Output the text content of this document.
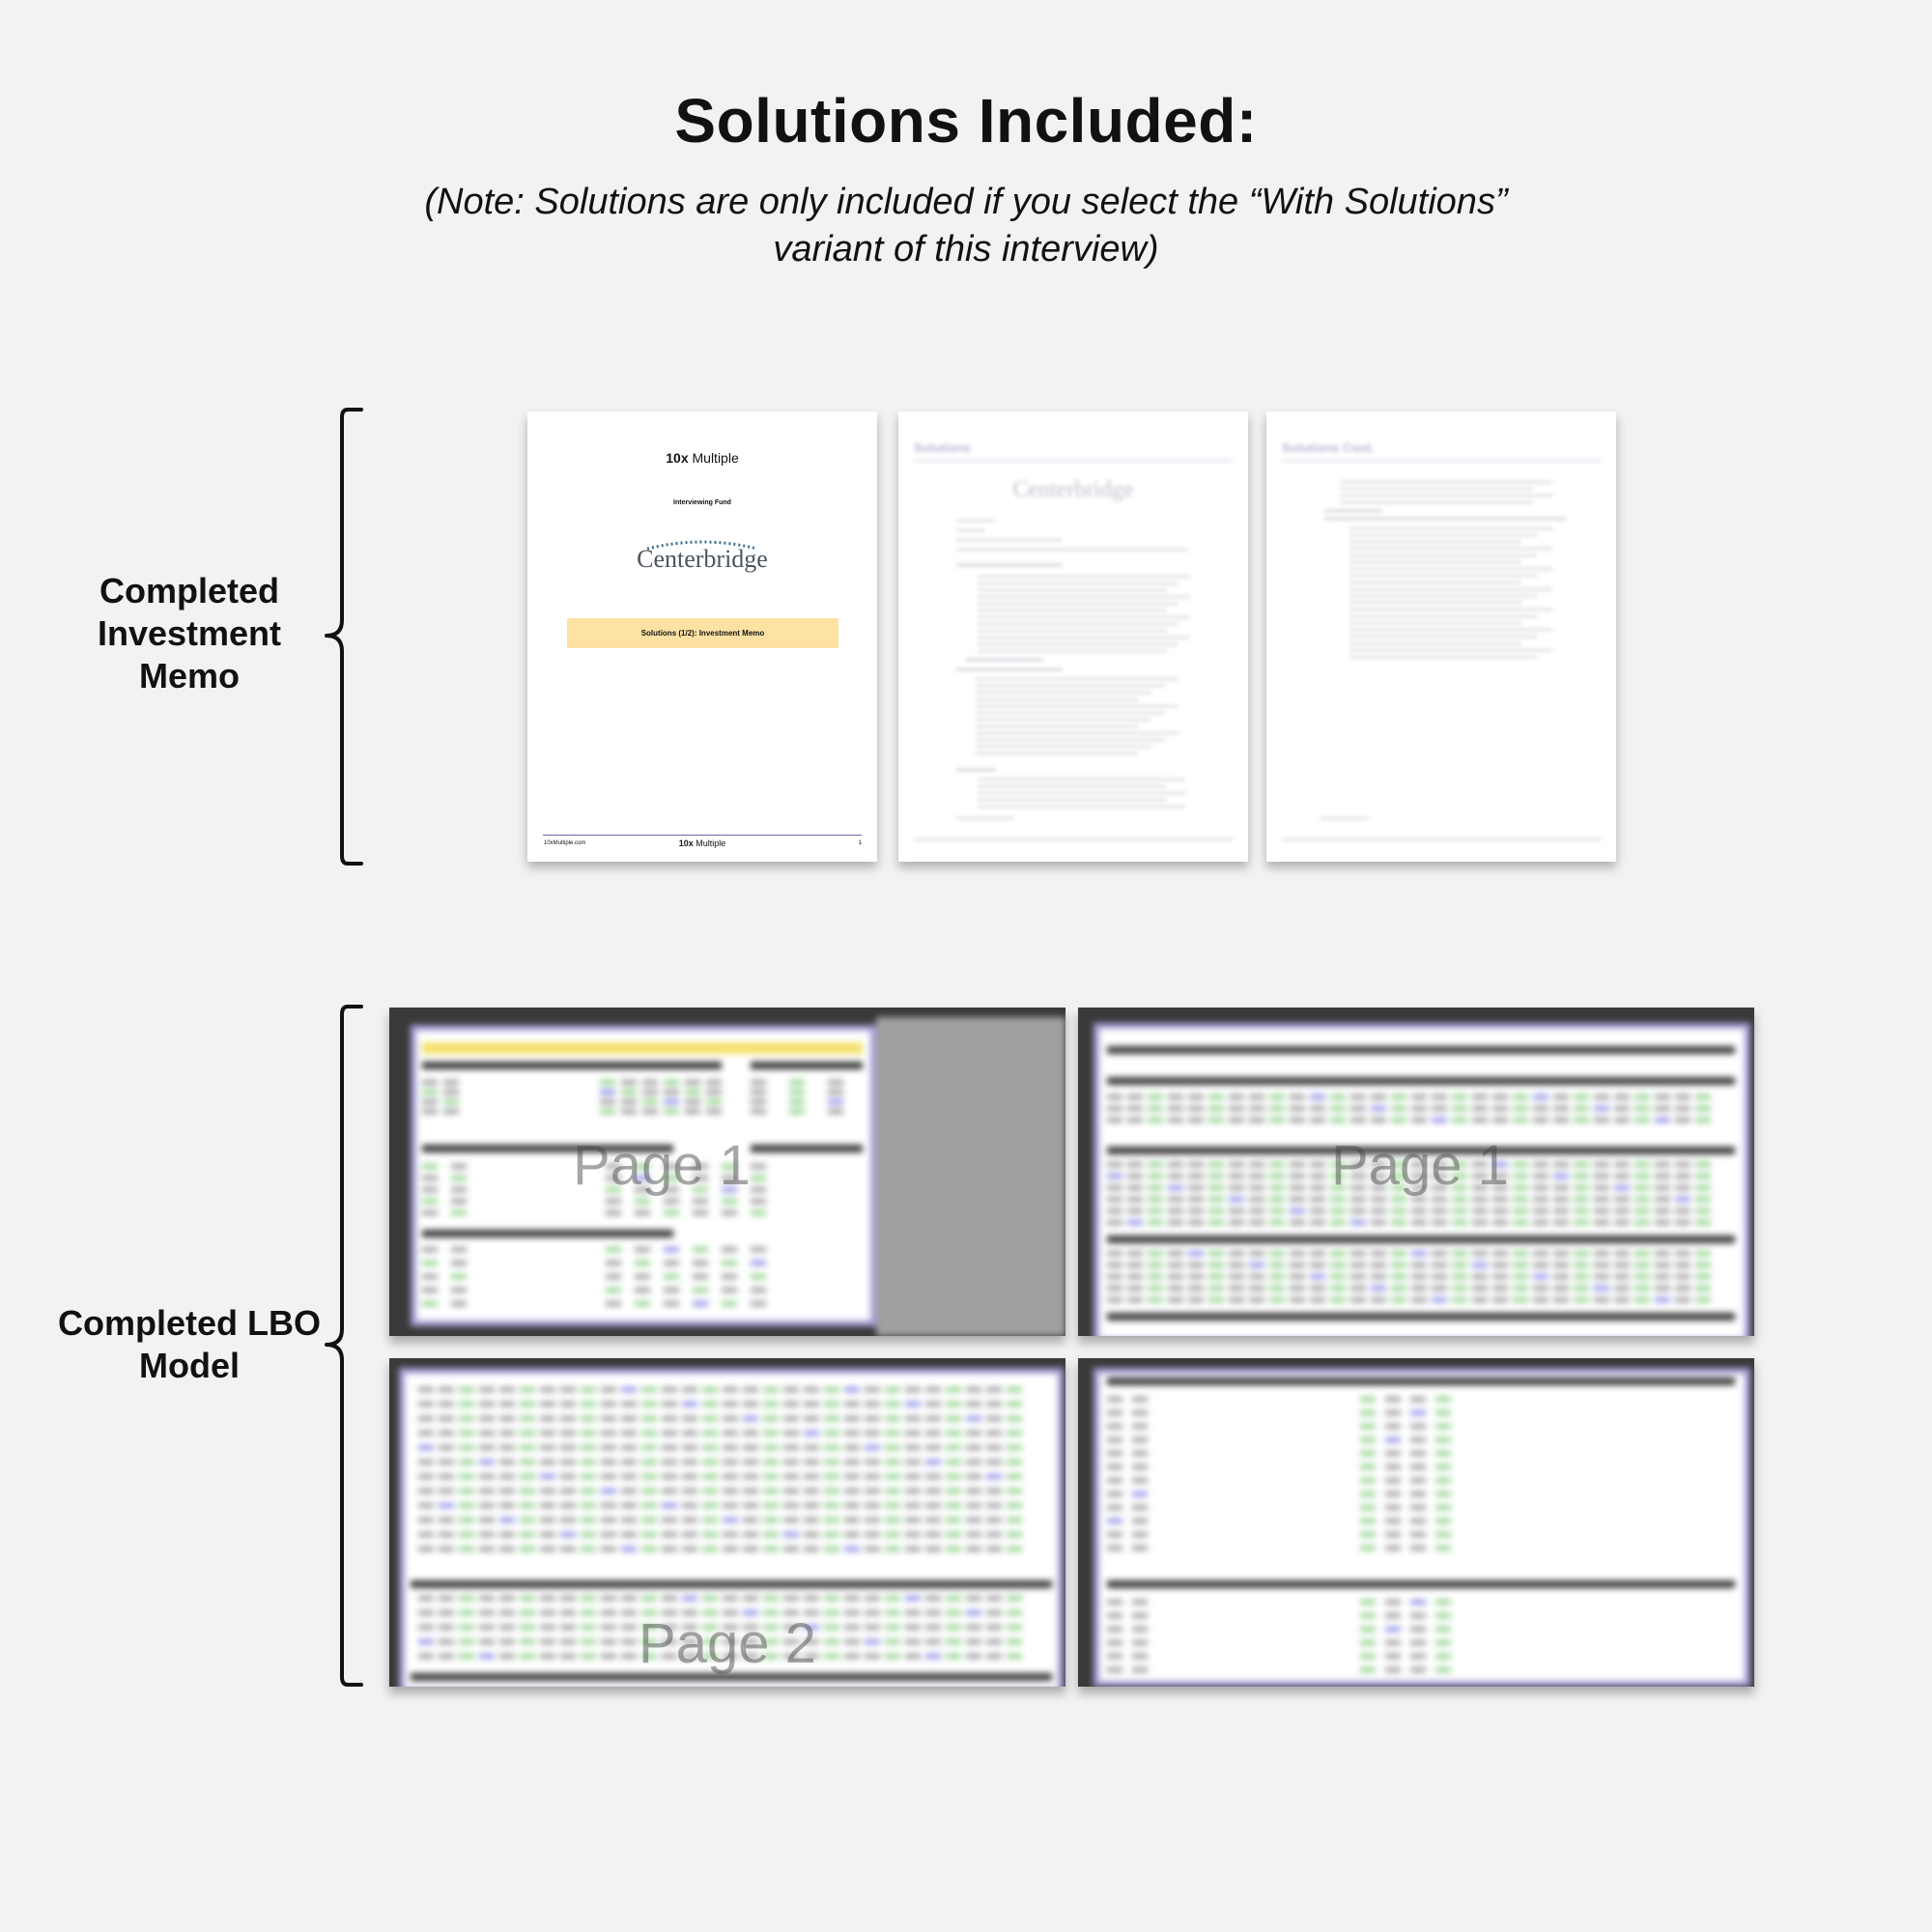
Solutions Included:
(Note: Solutions are only included if you select the “With Solutions” variant of this interview)
Completed Investment Memo
10x Multiple
Interviewing Fund
Centerbridge
Solutions (1/2): Investment Memo
10xMultiple.com	10x Multiple	1
Solutions
Centerbridge
Solutions Cont.
Completed LBO Model
Page 1	Page 1
Page 2
